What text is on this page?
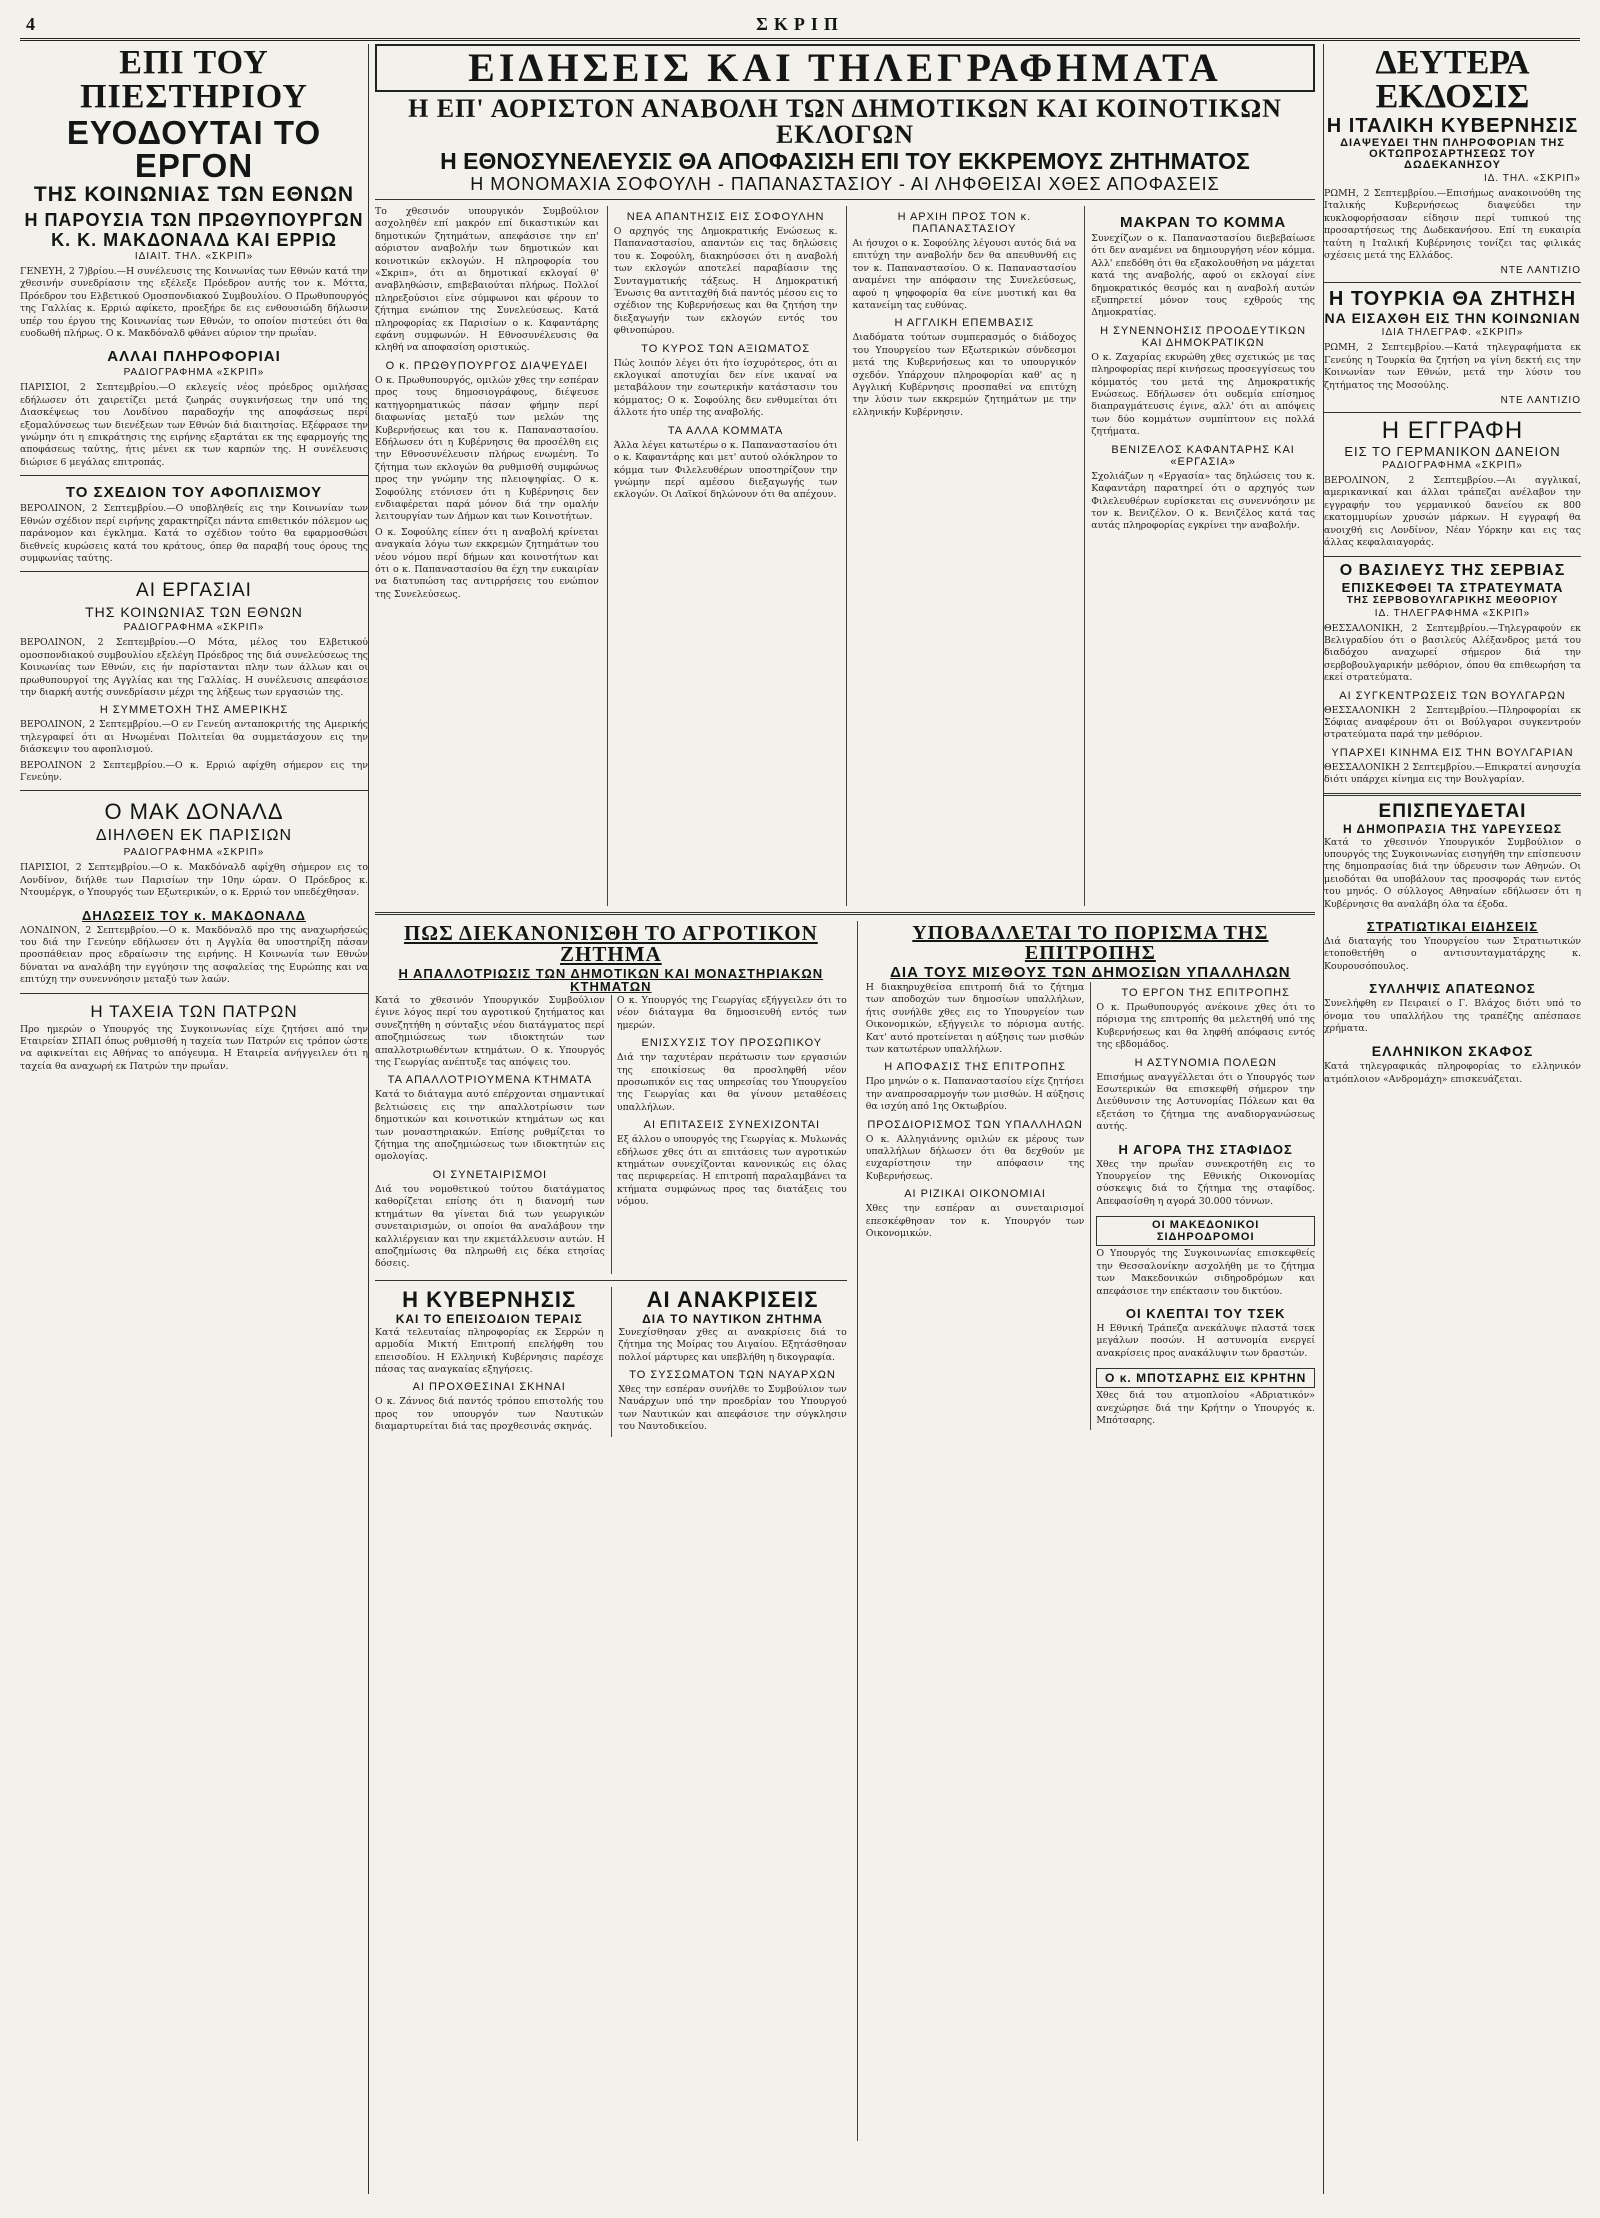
4	ΣΚΡΙΠ
ΕΠΙ ΤΟΥ ΠΙΕΣΤΗΡΙΟΥ
ΕΥΟΔΟΥΤΑΙ ΤΟ ΕΡΓΟΝ
ΤΗΣ ΚΟΙΝΩΝΙΑΣ ΤΩΝ ΕΘΝΩΝ
Η ΠΑΡΟΥΣΙΑ ΤΩΝ ΠΡΩΘΥΠΟΥΡΓΩΝ
Κ. Κ. ΜΑΚΔΟΝΑΛΔ ΚΑΙ ΕΡΡΙΩ
ΙΔΙΑΙΤ. ΤΗΛ. «ΣΚΡΙΠ»

ΓΕΝΕΥΗ, 2 7)βρίου.—Η συνέλευσις της Κοινωνίας των Εθνών κατά την χθεσινήν συνεδρίασιν της εξέλεξε Πρόεδρον αυτής τον κ. Μόττα, Πρόεδρον του Ελβετικού Ομοσπονδιακού Συμβουλίου. Ο Πρωθυπουργός της Γαλλίας κ. Ερριώ αφίκετο, προεξήρε δε εις ενθουσιώδη δήλωσιν υπέρ του έργου της Κοινωνίας των Εθνών, το οποίον πιστεύει ότι θα ευοδωθή πλήρως. Ο κ. Μακδόναλδ φθάνει αύριον την πρωΐαν.

ΑΛΛΑΙ ΠΛΗΡΟΦΟΡΙΑΙ
ΡΑΔΙΟΓΡΑΦΗΜΑ «ΣΚΡΙΠ»

ΠΑΡΙΣΙΟΙ, 2 Σεπτεμβρίου.—Ο εκλεγείς νέος πρόεδρος ομιλήσας εδήλωσεν ότι χαιρετίζει μετά ζωηράς συγκινήσεως την υπό της Διασκέψεως του Λονδίνου παραδοχήν της αποφάσεως περί εξομαλύνσεως των διενέξεων των Εθνών διά διαιτησίας. Εξέφρασε την γνώμην ότι η επικράτησις της ειρήνης εξαρτάται εκ της εφαρμογής της αποφάσεως ταύτης, ήτις μένει εκ των καρπών της. Η συνέλευσις διώρισε 6 μεγάλας επιτροπάς.

ΤΟ ΣΧΕΔΙΟΝ ΤΟΥ ΑΦΟΠΛΙΣΜΟΥ

ΒΕΡΟΛΙΝΟΝ, 2 Σεπτεμβρίου.—Ο υποβληθείς εις την Κοινωνίαν των Εθνών σχέδιον περί ειρήνης χαρακτηρίζει πάντα επιθετικόν πόλεμον ως παράνομον και έγκλημα. Κατά το σχέδιον τούτο θα εφαρμοσθώσι διεθνείς κυρώσεις κατά του κράτους, όπερ θα παραβή τους όρους της συμφωνίας ταύτης.

ΑΙ ΕΡΓΑΣΙΑΙ
ΤΗΣ ΚΟΙΝΩΝΙΑΣ ΤΩΝ ΕΘΝΩΝ
ΡΑΔΙΟΓΡΑΦΗΜΑ «ΣΚΡΙΠ»

ΒΕΡΟΛΙΝΟΝ, 2 Σεπτεμβρίου.—Ο Μότα, μέλος του Ελβετικού ομοσπονδιακού συμβουλίου εξελέγη Πρόεδρος της διά συνελεύσεως της Κοινωνίας των Εθνών, εις ήν παρίστανται πλην των άλλων και οι πρωθυπουργοί της Αγγλίας και της Γαλλίας. Η συνέλευσις απεφάσισε την διαρκή αυτής συνεδρίασιν μέχρι της λήξεως των εργασιών της.

Η ΣΥΜΜΕΤΟΧΗ ΤΗΣ ΑΜΕΡΙΚΗΣ

ΒΕΡΟΛΙΝΟΝ, 2 Σεπτεμβρίου.—Ο εν Γενεύη ανταποκριτής της Αμερικής τηλεγραφεί ότι αι Ηνωμέναι Πολιτείαι θα συμμετάσχουν εις την διάσκεψιν του αφοπλισμού.

ΒΕΡΟΛΙΝΟΝ 2 Σεπτεμβρίου.—Ο κ. Ερριώ αφίχθη σήμερον εις την Γενεύην.

Ο ΜΑΚ ΔΟΝΑΛΔ
ΔΙΗΛΘΕΝ ΕΚ ΠΑΡΙΣΙΩΝ
ΡΑΔΙΟΓΡΑΦΗΜΑ «ΣΚΡΙΠ»

ΠΑΡΙΣΙΟΙ, 2 Σεπτεμβρίου.—Ο κ. Μακδόναλδ αφίχθη σήμερον εις το Λονδίνον, διήλθε των Παρισίων την 10ην ώραν. Ο Πρόεδρος κ. Ντουμέργκ, ο Υπουργός των Εξωτερικών, ο κ. Ερριώ τον υπεδέχθησαν.

ΔΗΛΩΣΕΙΣ ΤΟΥ κ. ΜΑΚΔΟΝΑΛΔ

ΛΟΝΔΙΝΟΝ, 2 Σεπτεμβρίου.—Ο κ. Μακδόναλδ προ της αναχωρήσεώς του διά την Γενεύην εδήλωσεν ότι η Αγγλία θα υποστηρίξη πάσαν προσπάθειαν προς εδραίωσιν της ειρήνης. Η Κοινωνία των Εθνών δύναται να αναλάβη την εγγύησιν της ασφαλείας της Ευρώπης και να επιτύχη την συνεννόησιν μεταξύ των λαών.

Η ΤΑΧΕΙΑ ΤΩΝ ΠΑΤΡΩΝ

Προ ημερών ο Υπουργός της Συγκοινωνίας είχε ζητήσει από την Εταιρείαν ΣΠΑΠ όπως ρυθμισθή η ταχεία των Πατρών εις τρόπον ώστε να αφικνείται εις Αθήνας το απόγευμα. Η Εταιρεία ανήγγειλεν ότι η ταχεία θα αναχωρή εκ Πατρών την πρωΐαν.

ΕΙΔΗΣΕΙΣ ΚΑΙ ΤΗΛΕΓΡΑΦΗΜΑΤΑ
Η ΕΠ' ΑΟΡΙΣΤΟΝ ΑΝΑΒΟΛΗ ΤΩΝ ΔΗΜΟΤΙΚΩΝ ΚΑΙ ΚΟΙΝΟΤΙΚΩΝ ΕΚΛΟΓΩΝ
Η ΕΘΝΟΣΥΝΕΛΕΥΣΙΣ ΘΑ ΑΠΟΦΑΣΙΣΗ ΕΠΙ ΤΟΥ ΕΚΚΡΕΜΟΥΣ ΖΗΤΗΜΑΤΟΣ
Η ΜΟΝΟΜΑΧΙΑ ΣΟΦΟΥΛΗ - ΠΑΠΑΝΑΣΤΑΣΙΟΥ - ΑΙ ΛΗΦΘΕΙΣΑΙ ΧΘΕΣ ΑΠΟΦΑΣΕΙΣ

Το χθεσινόν υπουργικόν Συμβούλιον ασχοληθέν επί μακρόν επί δικαστικών και δημοτικών ζητημάτων, απεφάσισε την επ' αόριστον αναβολήν των δημοτικών και κοινοτικών εκλογών. Η πληροφορία του «Σκριπ», ότι αι δημοτικαί εκλογαί θ' αναβληθώσιν, επιβεβαιούται πλήρως. Πολλοί πληρεξούσιοι είνε σύμφωνοι και φέρουν το ζήτημα ενώπιον της Συνελεύσεως. Κατά πληροφορίας εκ Παρισίων ο κ. Καφαντάρης εφάνη συμφωνών. Η Εθνοσυνέλευσις θα κληθή να αποφασίση οριστικώς.

Ο κ. ΠΡΩΘΥΠΟΥΡΓΟΣ ΔΙΑΨΕΥΔΕΙ

Ο κ. Πρωθυπουργός, ομιλών χθες την εσπέραν προς τους δημοσιογράφους, διέψευσε κατηγορηματικώς πάσαν φήμην περί διαφωνίας μεταξύ των μελών της Κυβερνήσεως και του κ. Παπαναστασίου. Εδήλωσεν ότι η Κυβέρνησις θα προσέλθη εις την Εθνοσυνέλευσιν πλήρως ενωμένη. Το ζήτημα των εκλογών θα ρυθμισθή συμφώνως προς την γνώμην της πλειοψηφίας. Ο κ. Σοφούλης ετόνισεν ότι η Κυβέρνησις δεν ενδιαφέρεται παρά μόνον διά την ομαλήν λειτουργίαν των Δήμων και των Κοινοτήτων.

Ο κ. Σοφούλης είπεν ότι η αναβολή κρίνεται αναγκαία λόγω των εκκρεμών ζητημάτων του νέου νόμου περί δήμων και κοινοτήτων και ότι ο κ. Παπαναστασίου θα έχη την ευκαιρίαν να διατυπώση τας αντιρρήσεις του ενώπιον της Συνελεύσεως.

ΝΕΑ ΑΠΑΝΤΗΣΙΣ ΕΙΣ ΣΟΦΟΥΛΗΝ

Ο αρχηγός της Δημοκρατικής Ενώσεως κ. Παπαναστασίου, απαντών εις τας δηλώσεις του κ. Σοφούλη, διακηρύσσει ότι η αναβολή των εκλογών αποτελεί παραβίασιν της Συνταγματικής τάξεως. Η Δημοκρατική Ένωσις θα αντιταχθή διά παντός μέσου εις το σχέδιον της Κυβερνήσεως και θα ζητήση την διεξαγωγήν των εκλογών εντός του φθινοπώρου.

ΤΟ ΚΥΡΟΣ ΤΩΝ ΑΞΙΩΜΑΤΟΣ

Πώς λοιπόν λέγει ότι ήτο ίσχυρότερος, ότι αι εκλογικαί αποτυχίαι δεν είνε ικαναί να μεταβάλουν την εσωτερικήν κατάστασιν του κόμματος; Ο κ. Σοφούλης δεν ενθυμείται ότι άλλοτε ήτο υπέρ της αναβολής.

ΤΑ ΑΛΛΑ ΚΟΜΜΑΤΑ

Άλλα λέγει κατωτέρω ο κ. Παπαναστασίου ότι ο κ. Καφαντάρης και μετ' αυτού ολόκληρον το κόμμα των Φιλελευθέρων υποστηρίζουν την γνώμην περί αμέσου διεξαγωγής των εκλογών. Οι Λαϊκοί δηλώνουν ότι θα απέχουν.

Η ΑΡΧΙΗ ΠΡΟΣ ΤΟΝ κ. ΠΑΠΑΝΑΣΤΑΣΙΟΥ

Αι ήσυχοι ο κ. Σοφούλης λέγουσι αυτός διά να επιτύχη την αναβολήν δεν θα απευθυνθή εις τον κ. Παπαναστασίου. Ο κ. Παπαναστασίου αναμένει την απόφασιν της Συνελεύσεως, αφού η ψηφοφορία θα είνε μυστική και θα κατανείμη τας ευθύνας.

Η ΑΓΓΛΙΚΗ ΕΠΕΜΒΑΣΙΣ

Διαδόματα τούτων συμπερασμός ο διάδοχος του Υπουργείου των Εξωτερικών σύνδεσμοι μετά της Κυβερνήσεως και το υπουργικόν σχεδόν. Υπάρχουν πληροφορίαι καθ' ας η Αγγλική Κυβέρνησις προσπαθεί να επιτύχη την λύσιν των εκκρεμών ζητημάτων με την ελληνικήν Κυβέρνησιν.

ΜΑΚΡΑΝ ΤΟ ΚΟΜΜΑ

Συνεχίζων ο κ. Παπαναστασίου διεβεβαίωσε ότι δεν αναμένει να δημιουργήση νέον κόμμα. Αλλ' επεδόθη ότι θα εξακολουθήση να μάχεται κατά της αναβολής, αφού οι εκλογαί είνε δημοκρατικός θεσμός και η αναβολή αυτών εξυπηρετεί μόνον τους εχθρούς της Δημοκρατίας.

Η ΣΥΝΕΝΝΟΗΣΙΣ ΠΡΟΟΔΕΥΤΙΚΩΝ ΚΑΙ ΔΗΜΟΚΡΑΤΙΚΩΝ

Ο κ. Ζαχαρίας εκυρώθη χθες σχετικώς με τας πληροφορίας περί κινήσεως προσεγγίσεως του κόμματός του μετά της Δημοκρατικής Ενώσεως. Εδήλωσεν ότι ουδεμία επίσημος διαπραγμάτευσις έγινε, αλλ' ότι αι απόψεις των δύο κομμάτων συμπίπτουν εις πολλά ζητήματα.

ΒΕΝΙΖΕΛΟΣ ΚΑΦΑΝΤΑΡΗΣ ΚΑΙ «ΕΡΓΑΣΙΑ»

Σχολιάζων η «Εργασία» τας δηλώσεις του κ. Καφαντάρη παρατηρεί ότι ο αρχηγός των Φιλελευθέρων ευρίσκεται εις συνεννόησιν με τον κ. Βενιζέλον. Ο κ. Βενιζέλος κατά τας αυτάς πληροφορίας εγκρίνει την αναβολήν.

ΠΩΣ ΔΙΕΚΑΝΟΝΙΣΘΗ ΤΟ ΑΓΡΟΤΙΚΟΝ ΖΗΤΗΜΑ
Η ΑΠΑΛΛΟΤΡΙΩΣΙΣ ΤΩΝ ΔΗΜΟΤΙΚΩΝ ΚΑΙ ΜΟΝΑΣΤΗΡΙΑΚΩΝ ΚΤΗΜΑΤΩΝ

Κατά το χθεσινόν Υπουργικόν Συμβούλιον έγινε λόγος περί του αγροτικού ζητήματος και συνεζητήθη η σύνταξις νέου διατάγματος περί αποζημιώσεως των ιδιοκτητών των απαλλοτριωθέντων κτημάτων. Ο κ. Υπουργός της Γεωργίας ανέπτυξε τας απόψεις του.

ΤΑ ΑΠΑΛΛΟΤΡΙΟΥΜΕΝΑ ΚΤΗΜΑΤΑ

Κατά το διάταγμα αυτό επέρχονται σημαντικαί βελτιώσεις εις την απαλλοτρίωσιν των δημοτικών και κοινοτικών κτημάτων ως και των μοναστηριακών. Επίσης ρυθμίζεται το ζήτημα της αποζημιώσεως των ιδιοκτητών εις ομολογίας.

ΟΙ ΣΥΝΕΤΑΙΡΙΣΜΟΙ

Διά του νομοθετικού τούτου διατάγματος καθορίζεται επίσης ότι η διανομή των κτημάτων θα γίνεται διά των γεωργικών συνεταιρισμών, οι οποίοι θα αναλάβουν την καλλιέργειαν και την εκμετάλλευσιν αυτών. Η αποζημίωσις θα πληρωθή εις δέκα ετησίας δόσεις.

Ο κ. Υπουργός της Γεωργίας εξήγγειλεν ότι το νέον διάταγμα θα δημοσιευθή εντός των ημερών.

ΕΝΙΣΧΥΣΙΣ ΤΟΥ ΠΡΟΣΩΠΙΚΟΥ

Διά την ταχυτέραν περάτωσιν των εργασιών της εποικίσεως θα προσληφθή νέον προσωπικόν εις τας υπηρεσίας του Υπουργείου της Γεωργίας και θα γίνουν μεταθέσεις υπαλλήλων.

ΑΙ ΕΠΙΤΑΣΕΙΣ ΣΥΝΕΧΙΖΟΝΤΑΙ

Εξ άλλου ο υπουργός της Γεωργίας κ. Μυλωνάς εδήλωσε χθες ότι αι επιτάσεις των αγροτικών κτημάτων συνεχίζονται κανονικώς εις όλας τας περιφερείας. Η επιτροπή παραλαμβάνει τα κτήματα συμφώνως προς τας διατάξεις του νόμου.

Η ΚΥΒΕΡΝΗΣΙΣ
ΚΑΙ ΤΟ ΕΠΕΙΣΟΔΙΟΝ ΤΕΡΑΙΣ

Κατά τελευταίας πληροφορίας εκ Σερρών η αρμοδία Μικτή Επιτροπή επελήφθη του επεισοδίου. Η Ελληνική Κυβέρνησις παρέσχε πάσας τας αναγκαίας εξηγήσεις.

ΑΙ ΠΡΟΧΘΕΣΙΝΑΙ ΣΚΗΝΑΙ

Ο κ. Ζάννος διά παντός τρόπου επιστολής του προς τον υπουργόν των Ναυτικών διαμαρτυρείται διά τας προχθεσινάς σκηνάς.

ΑΙ ΑΝΑΚΡΙΣΕΙΣ
ΔΙΑ ΤΟ ΝΑΥΤΙΚΟΝ ΖΗΤΗΜΑ

Συνεχίσθησαν χθες αι ανακρίσεις διά το ζήτημα της Μοίρας του Αιγαίου. Εξητάσθησαν πολλοί μάρτυρες και υπεβλήθη η δικογραφία.

ΤΟ ΣΥΣΣΩΜΑΤΟΝ ΤΩΝ ΝΑΥΑΡΧΩΝ

Χθες την εσπέραν συνήλθε το Συμβούλιον των Ναυάρχων υπό την προεδρίαν του Υπουργού των Ναυτικών και απεφάσισε την σύγκλησιν του Ναυτοδικείου.

ΥΠΟΒΑΛΛΕΤΑΙ ΤΟ ΠΟΡΙΣΜΑ ΤΗΣ ΕΠΙΤΡΟΠΗΣ
ΔΙΑ ΤΟΥΣ ΜΙΣΘΟΥΣ ΤΩΝ ΔΗΜΟΣΙΩΝ ΥΠΑΛΛΗΛΩΝ

Η διακηρυχθείσα επιτροπή διά το ζήτημα των αποδοχών των δημοσίων υπαλλήλων, ήτις συνήλθε χθες εις το Υπουργείον των Οικονομικών, εξήγγειλε το πόρισμα αυτής. Κατ' αυτό προτείνεται η αύξησις των μισθών των κατωτέρων υπαλλήλων.

Η ΑΠΟΦΑΣΙΣ ΤΗΣ ΕΠΙΤΡΟΠΗΣ

Προ μηνών ο κ. Παπαναστασίου είχε ζητήσει την αναπροσαρμογήν των μισθών. Η αύξησις θα ισχύη από 1ης Οκτωβρίου.

ΠΡΟΣΔΙΟΡΙΣΜΟΣ ΤΩΝ ΥΠΑΛΛΗΛΩΝ

Ο κ. Αλληγιάννης ομιλών εκ μέρους των υπαλλήλων δήλωσεν ότι θα δεχθούν με ευχαρίστησιν την απόφασιν της Κυβερνήσεως.

ΑΙ ΡΙΖΙΚΑΙ ΟΙΚΟΝΟΜΙΑΙ

Χθες την εσπέραν αι συνεταιρισμοί επεσκέφθησαν τον κ. Υπουργόν των Οικονομικών.

ΤΟ ΕΡΓΟΝ ΤΗΣ ΕΠΙΤΡΟΠΗΣ

Ο κ. Πρωθυπουργός ανέκοινε χθες ότι το πόρισμα της επιτροπής θα μελετηθή υπό της Κυβερνήσεως και θα ληφθή απόφασις εντός της εβδομάδος.

Η ΑΣΤΥΝΟΜΙΑ ΠΟΛΕΩΝ

Επισήμως αναγγέλλεται ότι ο Υπουργός των Εσωτερικών θα επισκεφθή σήμερον την Διεύθυνσιν της Αστυνομίας Πόλεων και θα εξετάση το ζήτημα της αναδιοργανώσεως αυτής.

Η ΑΓΟΡΑ ΤΗΣ ΣΤΑΦΙΔΟΣ

Χθες την πρωΐαν συνεκροτήθη εις το Υπουργείον της Εθνικής Οικονομίας σύσκεψις διά το ζήτημα της σταφίδος. Απεφασίσθη η αγορά 30.000 τόννων.

ΟΙ ΜΑΚΕΔΟΝΙΚΟΙ ΣΙΔΗΡΟΔΡΟΜΟΙ

Ο Υπουργός της Συγκοινωνίας επισκεφθείς την Θεσσαλονίκην ασχολήθη με το ζήτημα των Μακεδονικών σιδηροδρόμων και απεφάσισε την επέκτασιν του δικτύου.

ΟΙ ΚΛΕΠΤΑΙ ΤΟΥ ΤΣΕΚ

Η Εθνική Τράπεζα ανεκάλυψε πλαστά τσεκ μεγάλων ποσών. Η αστυνομία ενεργεί ανακρίσεις προς ανακάλυψιν των δραστών.

Ο κ. ΜΠΟΤΣΑΡΗΣ ΕΙΣ ΚΡΗΤΗΝ

Χθες διά του ατμοπλοίου «Αδριατικόν» ανεχώρησε διά την Κρήτην ο Υπουργός κ. Μπότσαρης.

ΔΕΥΤΕΡΑ ΕΚΔΟΣΙΣ
Η ΙΤΑΛΙΚΗ ΚΥΒΕΡΝΗΣΙΣ
ΔΙΑΨΕΥΔΕΙ ΤΗΝ ΠΛΗΡΟΦΟΡΙΑΝ ΤΗΣ ΟΚΤΩΠΡΟΣΑΡΤΗΣΕΩΣ ΤΟΥ ΔΩΔΕΚΑΝΗΣΟΥ
ΙΔ. ΤΗΛ. «ΣΚΡΙΠ»

ΡΩΜΗ, 2 Σεπτεμβρίου.—Επισήμως ανακοινούθη της Ιταλικής Κυβερνήσεως διαψεύδει την κυκλοφορήσασαν είδησιν περί τυπικού της προσαρτήσεως της Δωδεκανήσου. Επί τη ευκαιρία ταύτη η Ιταλική Κυβέρνησις τονίζει τας φιλικάς σχέσεις μετά της Ελλάδος.

ΝΤΕ ΛΑΝΤΙΖΙΟ
Η ΤΟΥΡΚΙΑ ΘΑ ΖΗΤΗΣΗ
ΝΑ ΕΙΣΑΧΘΗ ΕΙΣ ΤΗΝ ΚΟΙΝΩΝΙΑΝ
ΙΔΙΑ ΤΗΛΕΓΡΑΦ. «ΣΚΡΙΠ»

ΡΩΜΗ, 2 Σεπτεμβρίου.—Κατά τηλεγραφήματα εκ Γενεύης η Τουρκία θα ζητήση να γίνη δεκτή εις την Κοινωνίαν των Εθνών, μετά την λύσιν του ζητήματος της Μοσούλης.

ΝΤΕ ΛΑΝΤΙΖΙΟ
Η ΕΓΓΡΑΦΗ
ΕΙΣ ΤΟ ΓΕΡΜΑΝΙΚΟΝ ΔΑΝΕΙΟΝ
ΡΑΔΙΟΓΡΑΦΗΜΑ «ΣΚΡΙΠ»

ΒΕΡΟΛΙΝΟΝ, 2 Σεπτεμβρίου.—Αι αγγλικαί, αμερικανικαί και άλλαι τράπεζαι ανέλαβον την εγγραφήν του γερμανικού δανείου εκ 800 εκατομμυρίων χρυσών μάρκων. Η εγγραφή θα ανοιχθή εις Λονδίνον, Νέαν Υόρκην και εις τας άλλας κεφαλαιαγοράς.

Ο ΒΑΣΙΛΕΥΣ ΤΗΣ ΣΕΡΒΙΑΣ
ΕΠΙΣΚΕΦΘΕΙ ΤΑ ΣΤΡΑΤΕΥΜΑΤΑ
ΤΗΣ ΣΕΡΒΟΒΟΥΛΓΑΡΙΚΗΣ ΜΕΘΟΡΙΟΥ
ΙΔ. ΤΗΛΕΓΡΑΦΗΜΑ «ΣΚΡΙΠ»

ΘΕΣΣΑΛΟΝΙΚΗ, 2 Σεπτεμβρίου.—Τηλεγραφούν εκ Βελιγραδίου ότι ο βασιλεύς Αλέξανδρος μετά του διαδόχου αναχωρεί σήμερον διά την σερβοβουλγαρικήν μεθόριον, όπου θα επιθεωρήση τα εκεί στρατεύματα.

ΑΙ ΣΥΓΚΕΝΤΡΩΣΕΙΣ ΤΩΝ ΒΟΥΛΓΑΡΩΝ

ΘΕΣΣΑΛΟΝΙΚΗ 2 Σεπτεμβρίου.—Πληροφορίαι εκ Σόφιας αναφέρουν ότι οι Βούλγαροι συγκεντρούν στρατεύματα παρά την μεθόριον.

ΥΠΑΡΧΕΙ ΚΙΝΗΜΑ ΕΙΣ ΤΗΝ ΒΟΥΛΓΑΡΙΑΝ

ΘΕΣΣΑΛΟΝΙΚΗ 2 Σεπτεμβρίου.—Επικρατεί ανησυχία διότι υπάρχει κίνημα εις την Βουλγαρίαν.

ΕΠΙΣΠΕΥΔΕΤΑΙ
Η ΔΗΜΟΠΡΑΣΙΑ ΤΗΣ ΥΔΡΕΥΣΕΩΣ

Κατά το χθεσινόν Υπουργικόν Συμβούλιον ο υπουργός της Συγκοινωνίας εισηγήθη την επίσπευσιν της δημοπρασίας διά την ύδρευσιν των Αθηνών. Οι μειοδόται θα υποβάλουν τας προσφοράς των εντός του μηνός. Ο σύλλογος Αθηναίων εδήλωσεν ότι η Κυβέρνησις θα αναλάβη όλα τα έξοδα.

ΣΤΡΑΤΙΩΤΙΚΑΙ ΕΙΔΗΣΕΙΣ

Διά διαταγής του Υπουργείου των Στρατιωτικών ετοποθετήθη ο αντισυνταγματάρχης κ. Κουρουσόπουλος.

ΣΥΛΛΗΨΙΣ ΑΠΑΤΕΩΝΟΣ

Συνελήφθη εν Πειραιεί ο Γ. Βλάχος διότι υπό το όνομα του υπαλλήλου της τραπέζης απέσπασε χρήματα.

ΕΛΛΗΝΙΚΟΝ ΣΚΑΦΟΣ

Κατά τηλεγραφικάς πληροφορίας το ελληνικόν ατμόπλοιον «Ανδρομάχη» επισκευάζεται.
